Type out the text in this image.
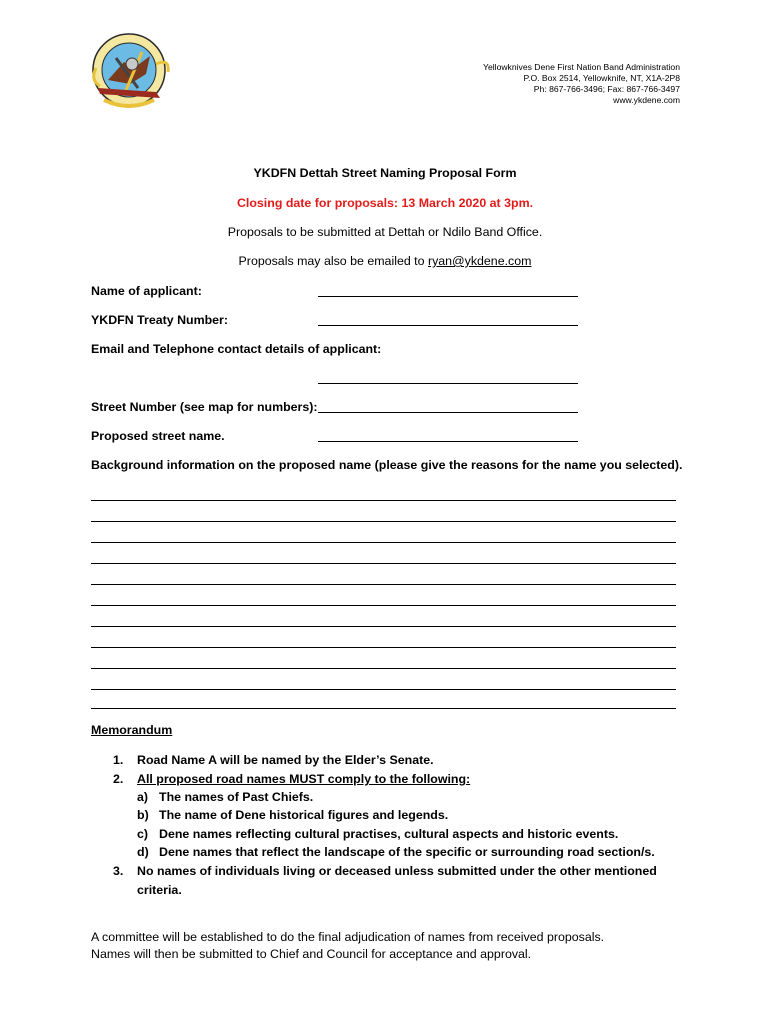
Yellowknives Dene First Nation Band Administration
P.O. Box 2514, Yellowknife, NT, X1A-2P8
Ph: 867-766-3496; Fax: 867-766-3497
www.ykdene.com
YKDFN Dettah Street Naming Proposal Form
Closing date for proposals: 13 March 2020 at 3pm.
Proposals to be submitted at Dettah or Ndilo Band Office.
Proposals may also be emailed to ryan@ykdene.com
Name of applicant:
YKDFN Treaty Number:
Email and Telephone contact details of applicant:
Street Number (see map for numbers):
Proposed street name.
Background information on the proposed name (please give the reasons for the name you selected).
Memorandum
1. Road Name A will be named by the Elder’s Senate.
2. All proposed road names MUST comply to the following:
a) The names of Past Chiefs.
b) The name of Dene historical figures and legends.
c) Dene names reflecting cultural practises, cultural aspects and historic events.
d) Dene names that reflect the landscape of the specific or surrounding road section/s.
3. No names of individuals living or deceased unless submitted under the other mentioned
criteria.
A committee will be established to do the final adjudication of names from received proposals.
Names will then be submitted to Chief and Council for acceptance and approval.
